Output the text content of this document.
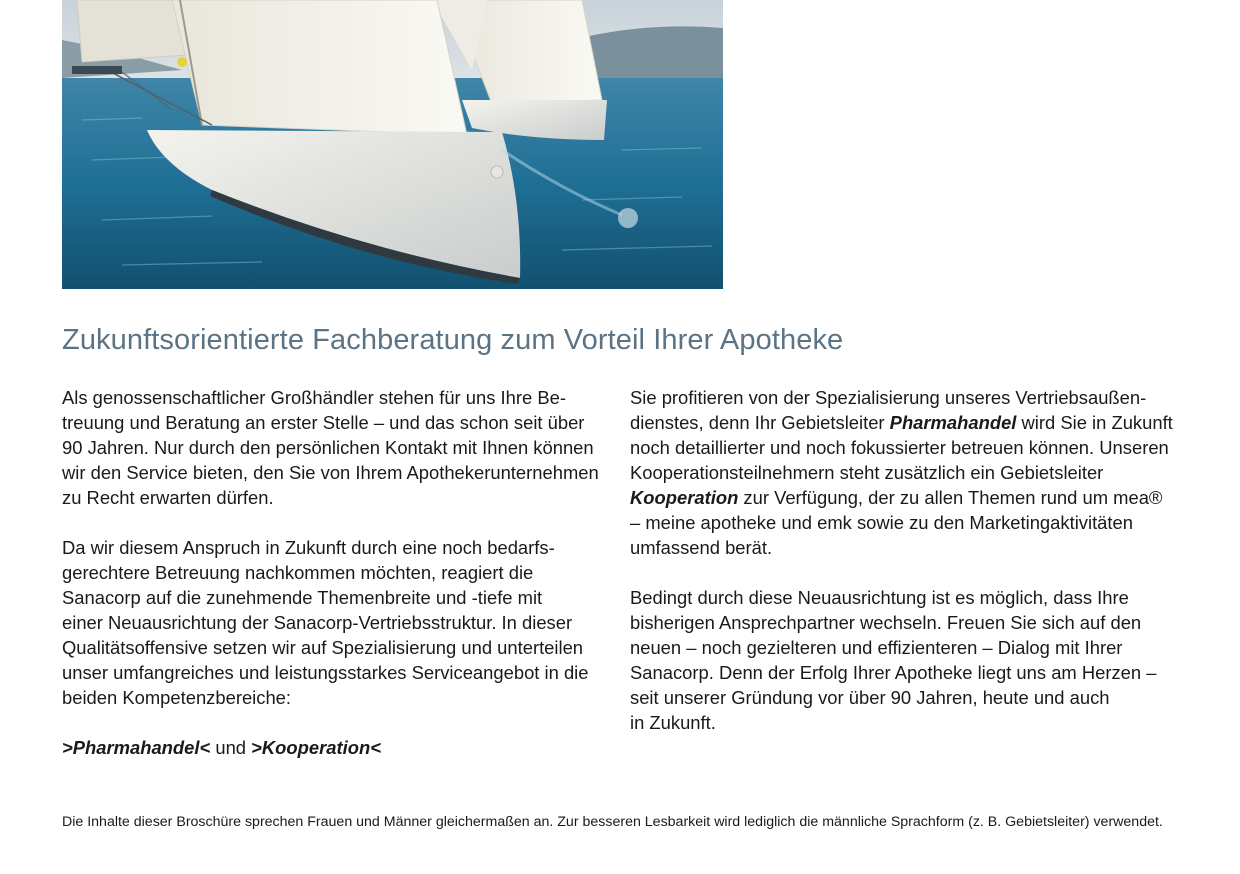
Zukunftsorientierte Fachberatung zum Vorteil Ihrer Apotheke

Als genossenschaftlicher Großhändler stehen für uns Ihre Be-
treuung und Beratung an erster Stelle – und das schon seit über
90 Jahren. Nur durch den persönlichen Kontakt mit Ihnen können
wir den Service bieten, den Sie von Ihrem Apothekerunternehmen
zu Recht erwarten dürfen.

Da wir diesem Anspruch in Zukunft durch eine noch bedarfs-
gerechtere Betreuung nachkommen möchten, reagiert die
Sanacorp auf die zunehmende Themenbreite und -tiefe mit
einer Neuausrichtung der Sanacorp-Vertriebsstruktur. In dieser
Qualitätsoffensive setzen wir auf Spezialisierung und unterteilen
unser umfangreiches und leistungsstarkes Serviceangebot in die
beiden Kompetenzbereiche:

>Pharmahandel< und >Kooperation<

Sie profitieren von der Spezialisierung unseres Vertriebsaußen-
dienstes, denn Ihr Gebietsleiter Pharmahandel wird Sie in Zukunft
noch detaillierter und noch fokussierter betreuen können. Unseren
Kooperationsteilnehmern steht zusätzlich ein Gebietsleiter
Kooperation zur Verfügung, der zu allen Themen rund um mea®
– meine apotheke und emk sowie zu den Marketingaktivitäten
umfassend berät.

Bedingt durch diese Neuausrichtung ist es möglich, dass Ihre
bisherigen Ansprechpartner wechseln. Freuen Sie sich auf den
neuen – noch gezielteren und effizienteren – Dialog mit Ihrer
Sanacorp. Denn der Erfolg Ihrer Apotheke liegt uns am Herzen –
seit unserer Gründung vor über 90 Jahren, heute und auch
in Zukunft.

Die Inhalte dieser Broschüre sprechen Frauen und Männer gleichermaßen an. Zur besseren Lesbarkeit wird lediglich die männliche Sprachform (z. B. Gebietsleiter) verwendet.
